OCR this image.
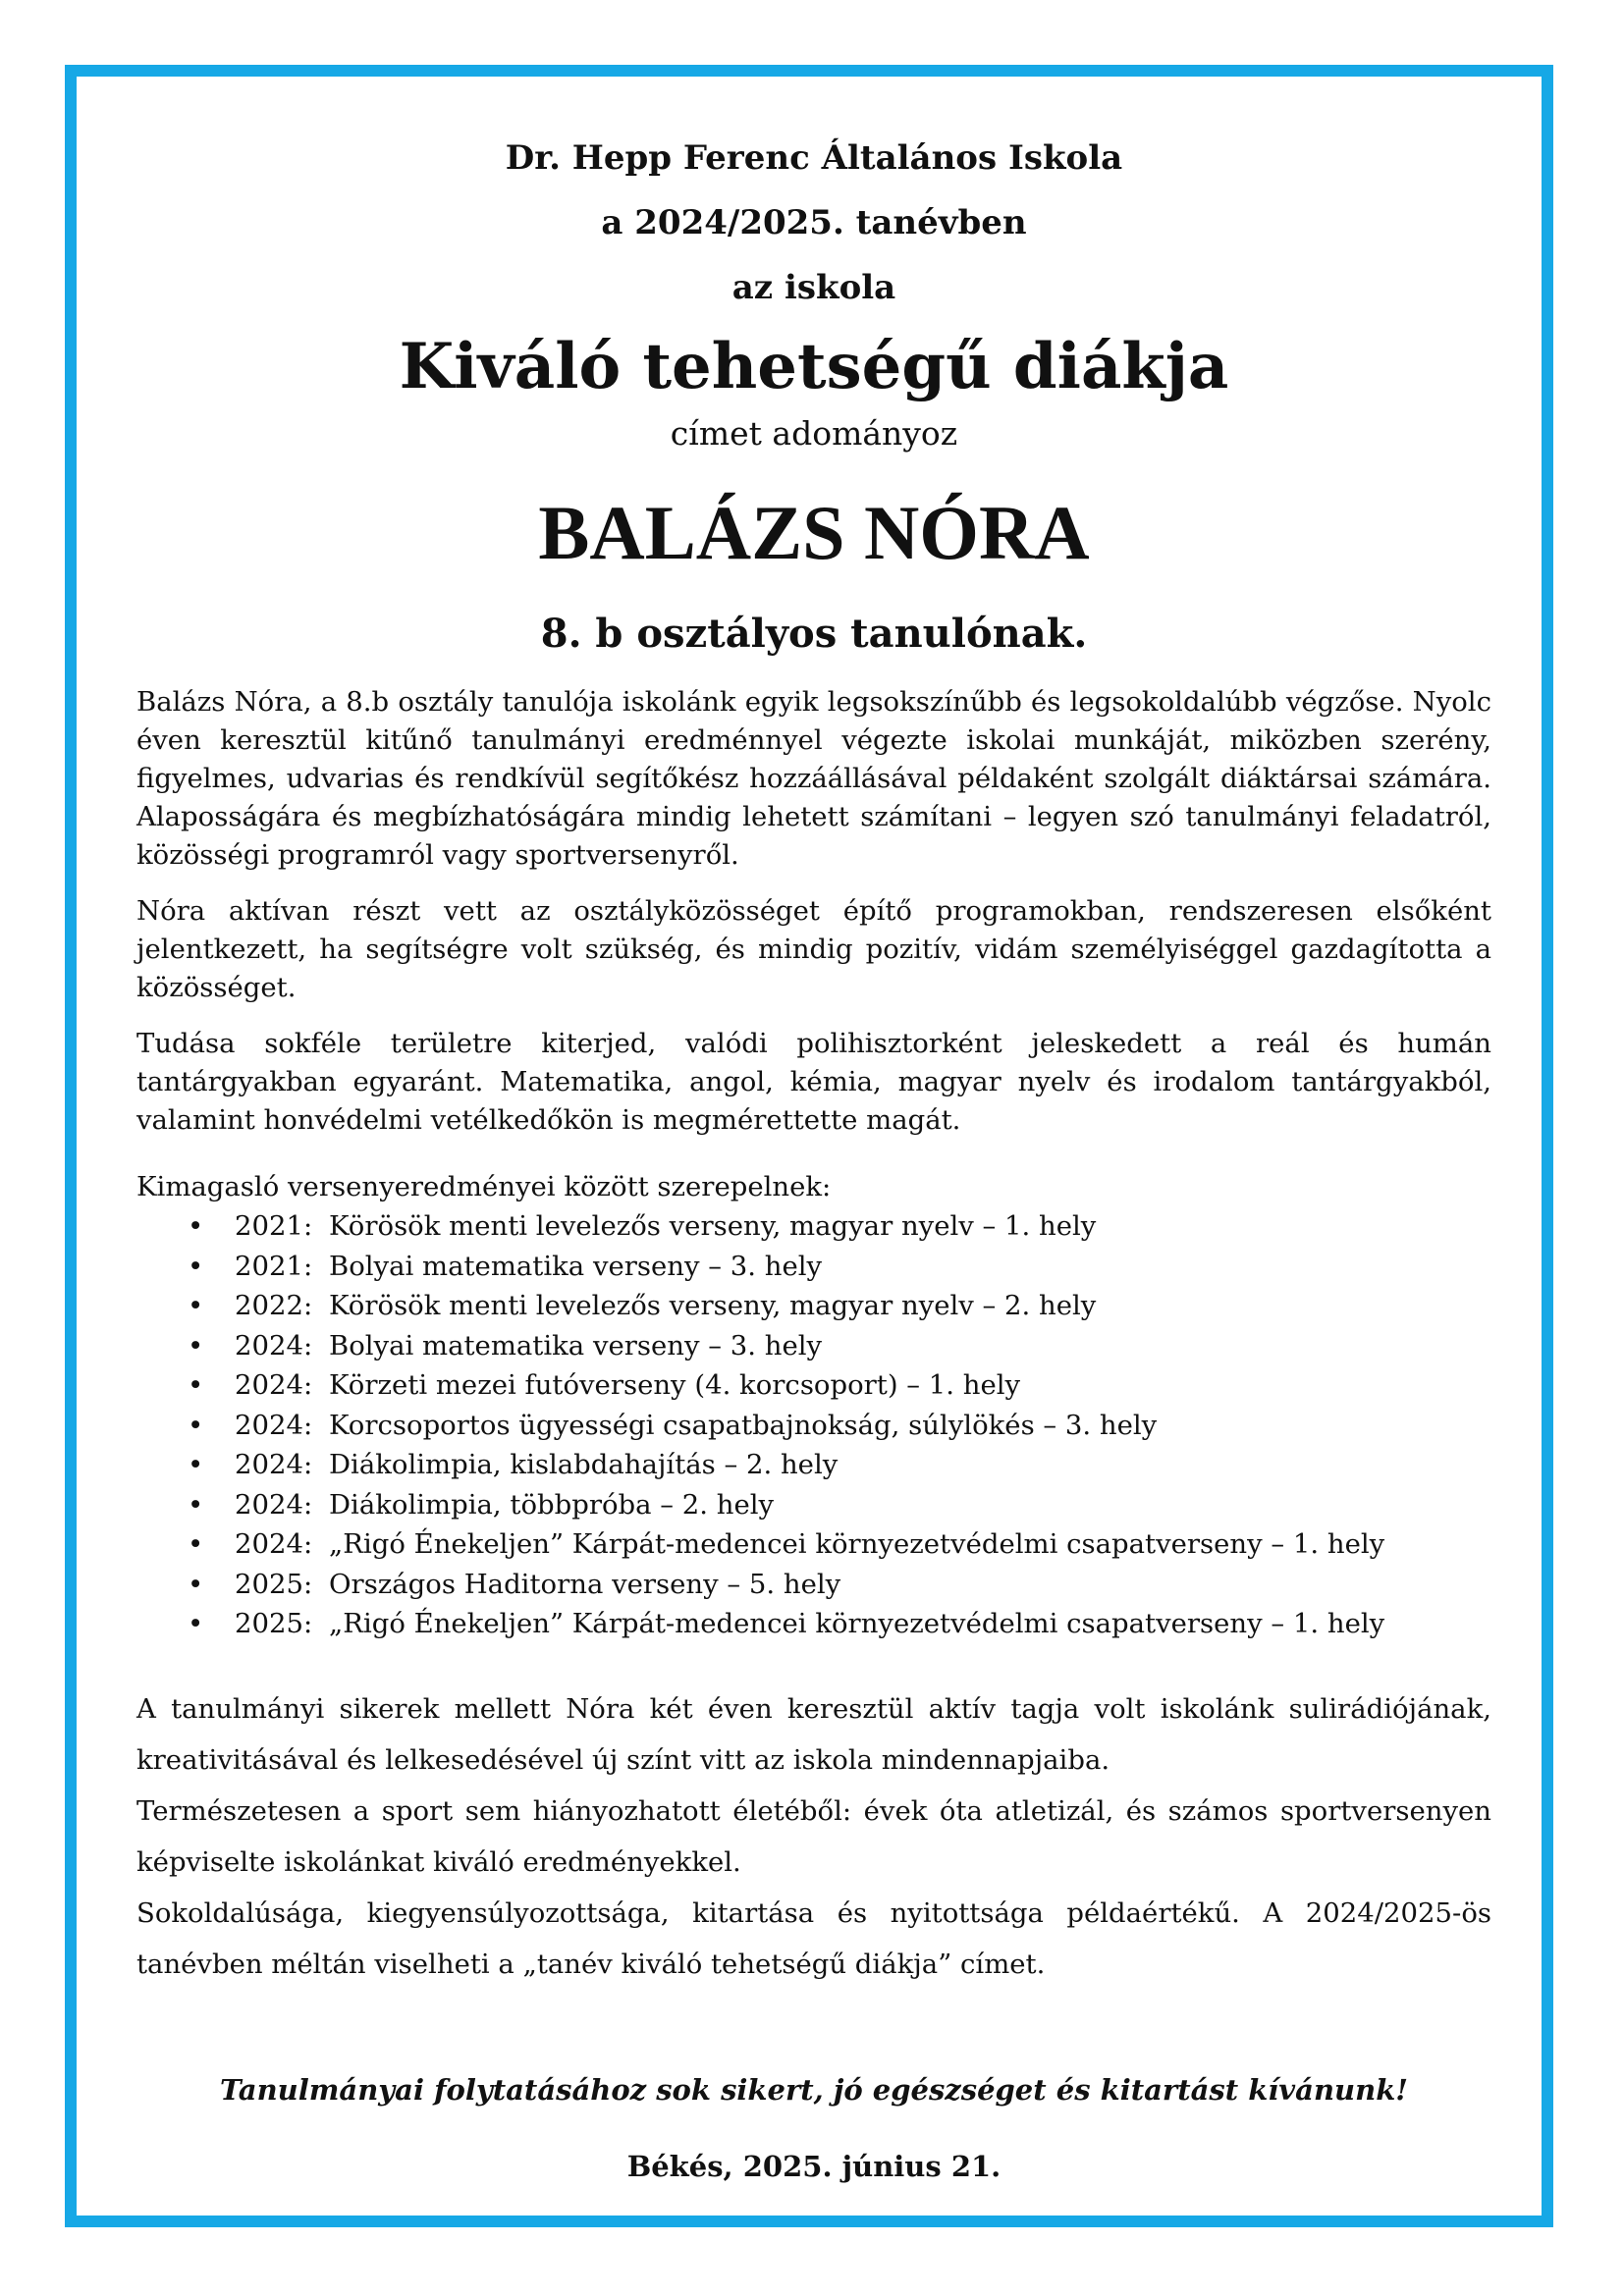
Dr. Hepp Ferenc Általános Iskola

a 2024/2025. tanévben

az iskola

Kiváló tehetségű diákja

címet adományoz

BALÁZS NÓRA

8. b osztályos tanulónak.

Balázs Nóra, a 8.b osztály tanulója iskolánk egyik legsokszínűbb és legsokoldalúbb végzőse. Nyolc éven keresztül kitűnő tanulmányi eredménnyel végezte iskolai munkáját, miközben szerény, figyelmes, udvarias és rendkívül segítőkész hozzáállásával példaként szolgált diáktársai számára. Alaposságára és megbízhatóságára mindig lehetett számítani – legyen szó tanulmányi feladatról, közösségi programról vagy sportversenyről.

Nóra aktívan részt vett az osztályközösséget építő programokban, rendszeresen elsőként jelentkezett, ha segítségre volt szükség, és mindig pozitív, vidám személyiséggel gazdagította a közösséget.

Tudása sokféle területre kiterjed, valódi polihisztorként jeleskedett a reál és humán tantárgyakban egyaránt. Matematika, angol, kémia, magyar nyelv és irodalom tantárgyakból, valamint honvédelmi vetélkedőkön is megmérettette magát.

Kimagasló versenyeredményei között szerepelnek:

• 2021: Körösök menti levelezős verseny, magyar nyelv – 1. hely
• 2021: Bolyai matematika verseny – 3. hely
• 2022: Körösök menti levelezős verseny, magyar nyelv – 2. hely
• 2024: Bolyai matematika verseny – 3. hely
• 2024: Körzeti mezei futóverseny (4. korcsoport) – 1. hely
• 2024: Korcsoportos ügyességi csapatbajnokság, súlylökés – 3. hely
• 2024: Diákolimpia, kislabdahajítás – 2. hely
• 2024: Diákolimpia, többpróba – 2. hely
• 2024: „Rigó Énekeljen” Kárpát-medencei környezetvédelmi csapatverseny – 1. hely
• 2025: Országos Haditorna verseny – 5. hely
• 2025: „Rigó Énekeljen” Kárpát-medencei környezetvédelmi csapatverseny – 1. hely

A tanulmányi sikerek mellett Nóra két éven keresztül aktív tagja volt iskolánk sulirádiójának, kreativitásával és lelkesedésével új színt vitt az iskola mindennapjaiba.

Természetesen a sport sem hiányozhatott életéből: évek óta atletizál, és számos sportversenyen képviselte iskolánkat kiváló eredményekkel.

Sokoldalúsága, kiegyensúlyozottsága, kitartása és nyitottsága példaértékű. A 2024/2025-ös tanévben méltán viselheti a „tanév kiváló tehetségű diákja” címet.

Tanulmányai folytatásához sok sikert, jó egészséget és kitartást kívánunk!

Békés, 2025. június 21.
